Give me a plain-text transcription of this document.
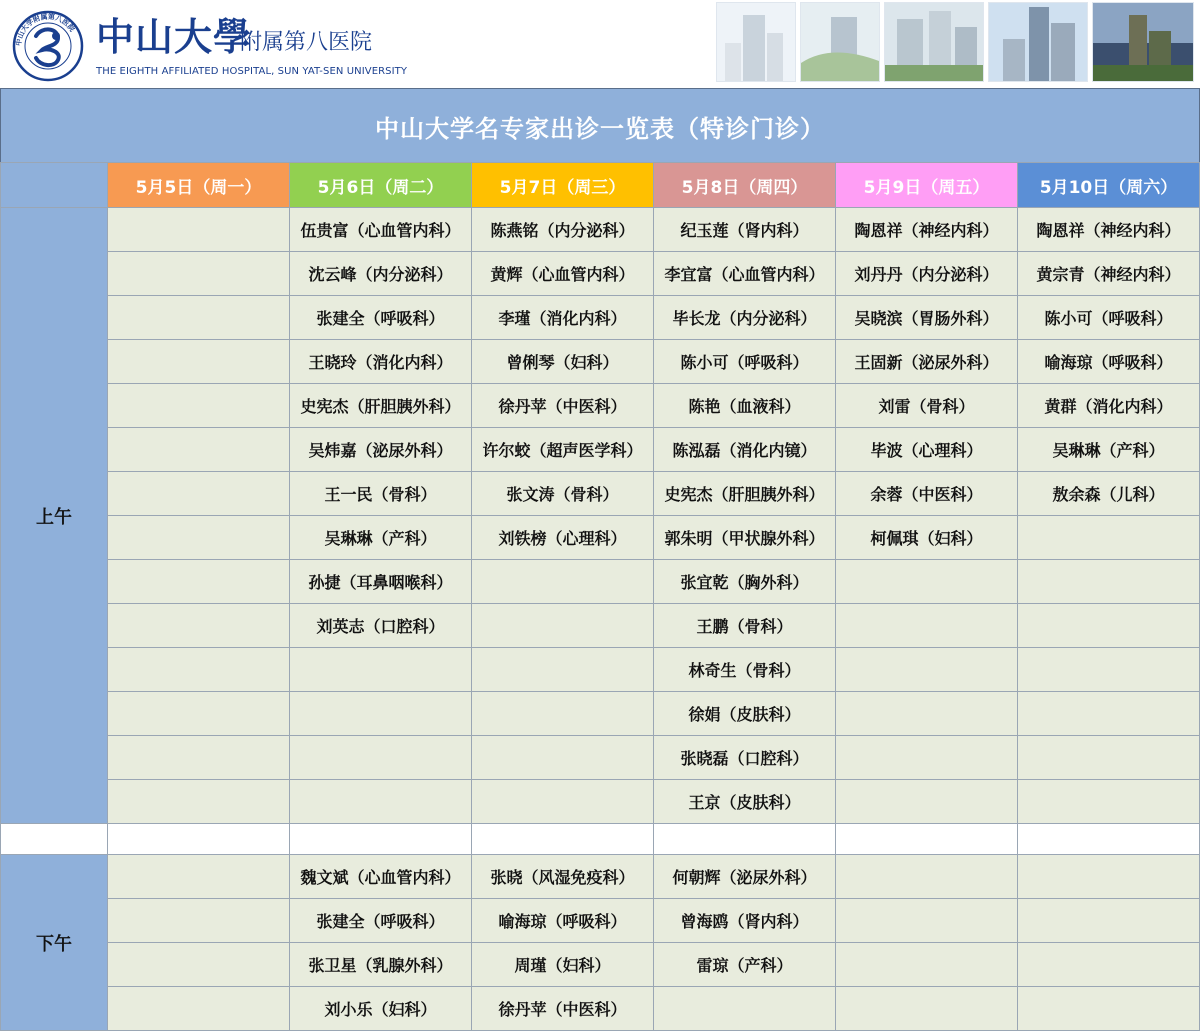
中山大学附属第八医院 中山大學
附属第八医院
THE EIGHTH AFFILIATED HOSPITAL, SUN YAT-SEN UNIVERSITY
中山大学名专家出诊一览表（特诊门诊）
	5月5日（周一）	5月6日（周二）	5月7日（周三）	5月8日（周四）	5月9日（周五）	5月10日（周六）
上午		伍贵富（心血管内科）	陈燕铭（内分泌科）	纪玉莲（肾内科）	陶恩祥（神经内科）	陶恩祥（神经内科）
		沈云峰（内分泌科）	黄辉（心血管内科）	李宜富（心血管内科）	刘丹丹（内分泌科）	黄宗青（神经内科）
		张建全（呼吸科）	李瑾（消化内科）	毕长龙（内分泌科）	吴晓滨（胃肠外科）	陈小可（呼吸科）
		王晓玲（消化内科）	曾俐琴（妇科）	陈小可（呼吸科）	王固新（泌尿外科）	喻海琼（呼吸科）
		史宪杰（肝胆胰外科）	徐丹苹（中医科）	陈艳（血液科）	刘雷（骨科）	黄群（消化内科）
		吴炜嘉（泌尿外科）	许尔蛟（超声医学科）	陈泓磊（消化内镜）	毕波（心理科）	吴琳琳（产科）
		王一民（骨科）	张文涛（骨科）	史宪杰（肝胆胰外科）	余蓉（中医科）	敖余森（儿科）
		吴琳琳（产科）	刘铁榜（心理科）	郭朱明（甲状腺外科）	柯佩琪（妇科）	
		孙捷（耳鼻咽喉科）		张宜乾（胸外科）		
		刘英志（口腔科）		王鹏（骨科）		
				林奇生（骨科）		
				徐娟（皮肤科）		
				张晓磊（口腔科）		
				王京（皮肤科）		

下午		魏文斌（心血管内科）	张晓（风湿免疫科）	何朝辉（泌尿外科）		
		张建全（呼吸科）	喻海琼（呼吸科）	曾海鸥（肾内科）		
		张卫星（乳腺外科）	周瑾（妇科）	雷琼（产科）		
		刘小乐（妇科）	徐丹苹（中医科）			
